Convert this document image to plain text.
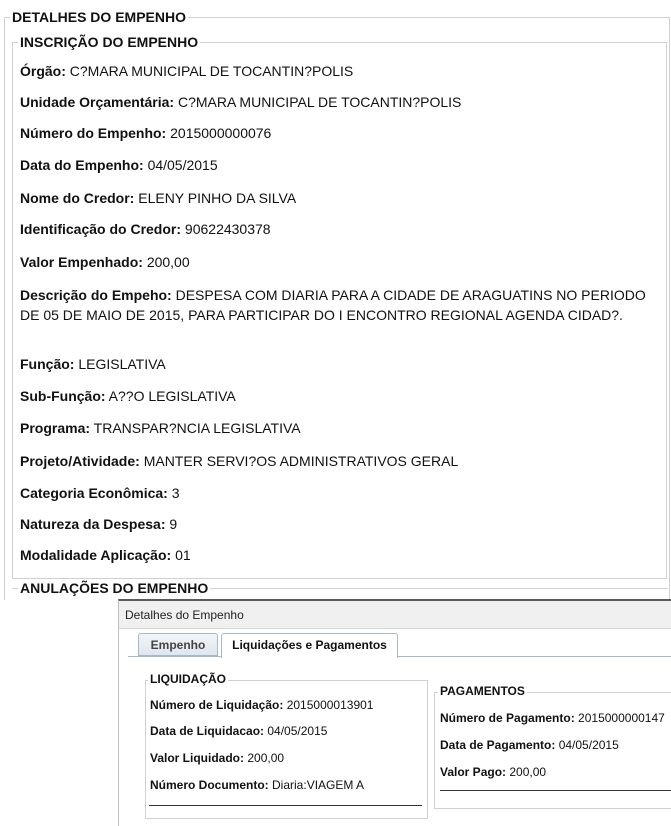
DETALHES DO EMPENHO
INSCRIÇÃO DO EMPENHO
Órgão: C?MARA MUNICIPAL DE TOCANTIN?POLIS
Unidade Orçamentária: C?MARA MUNICIPAL DE TOCANTIN?POLIS
Número do Empenho: 2015000000076
Data do Empenho: 04/05/2015
Nome do Credor: ELENY PINHO DA SILVA
Identificação do Credor: 90622430378
Valor Empenhado: 200,00
Descrição do Empeho: DESPESA COM DIARIA PARA A CIDADE DE ARAGUATINS NO PERIODO DE 05 DE MAIO DE 2015, PARA PARTICIPAR DO I ENCONTRO REGIONAL AGENDA CIDAD?.
Função: LEGISLATIVA
Sub-Função: A??O LEGISLATIVA
Programa: TRANSPAR?NCIA LEGISLATIVA
Projeto/Atividade: MANTER SERVI?OS ADMINISTRATIVOS GERAL
Categoria Econômica: 3
Natureza da Despesa: 9
Modalidade Aplicação: 01
ANULAÇÕES DO EMPENHO
Detalhes do Empenho
Empenho	Liquidações e Pagamentos
LIQUIDAÇÃO
Número de Liquidação: 2015000013901
Data de Liquidacao: 04/05/2015
Valor Liquidado: 200,00
Número Documento: Diaria:VIAGEM A
PAGAMENTOS
Número de Pagamento: 2015000000147
Data de Pagamento: 04/05/2015
Valor Pago: 200,00
